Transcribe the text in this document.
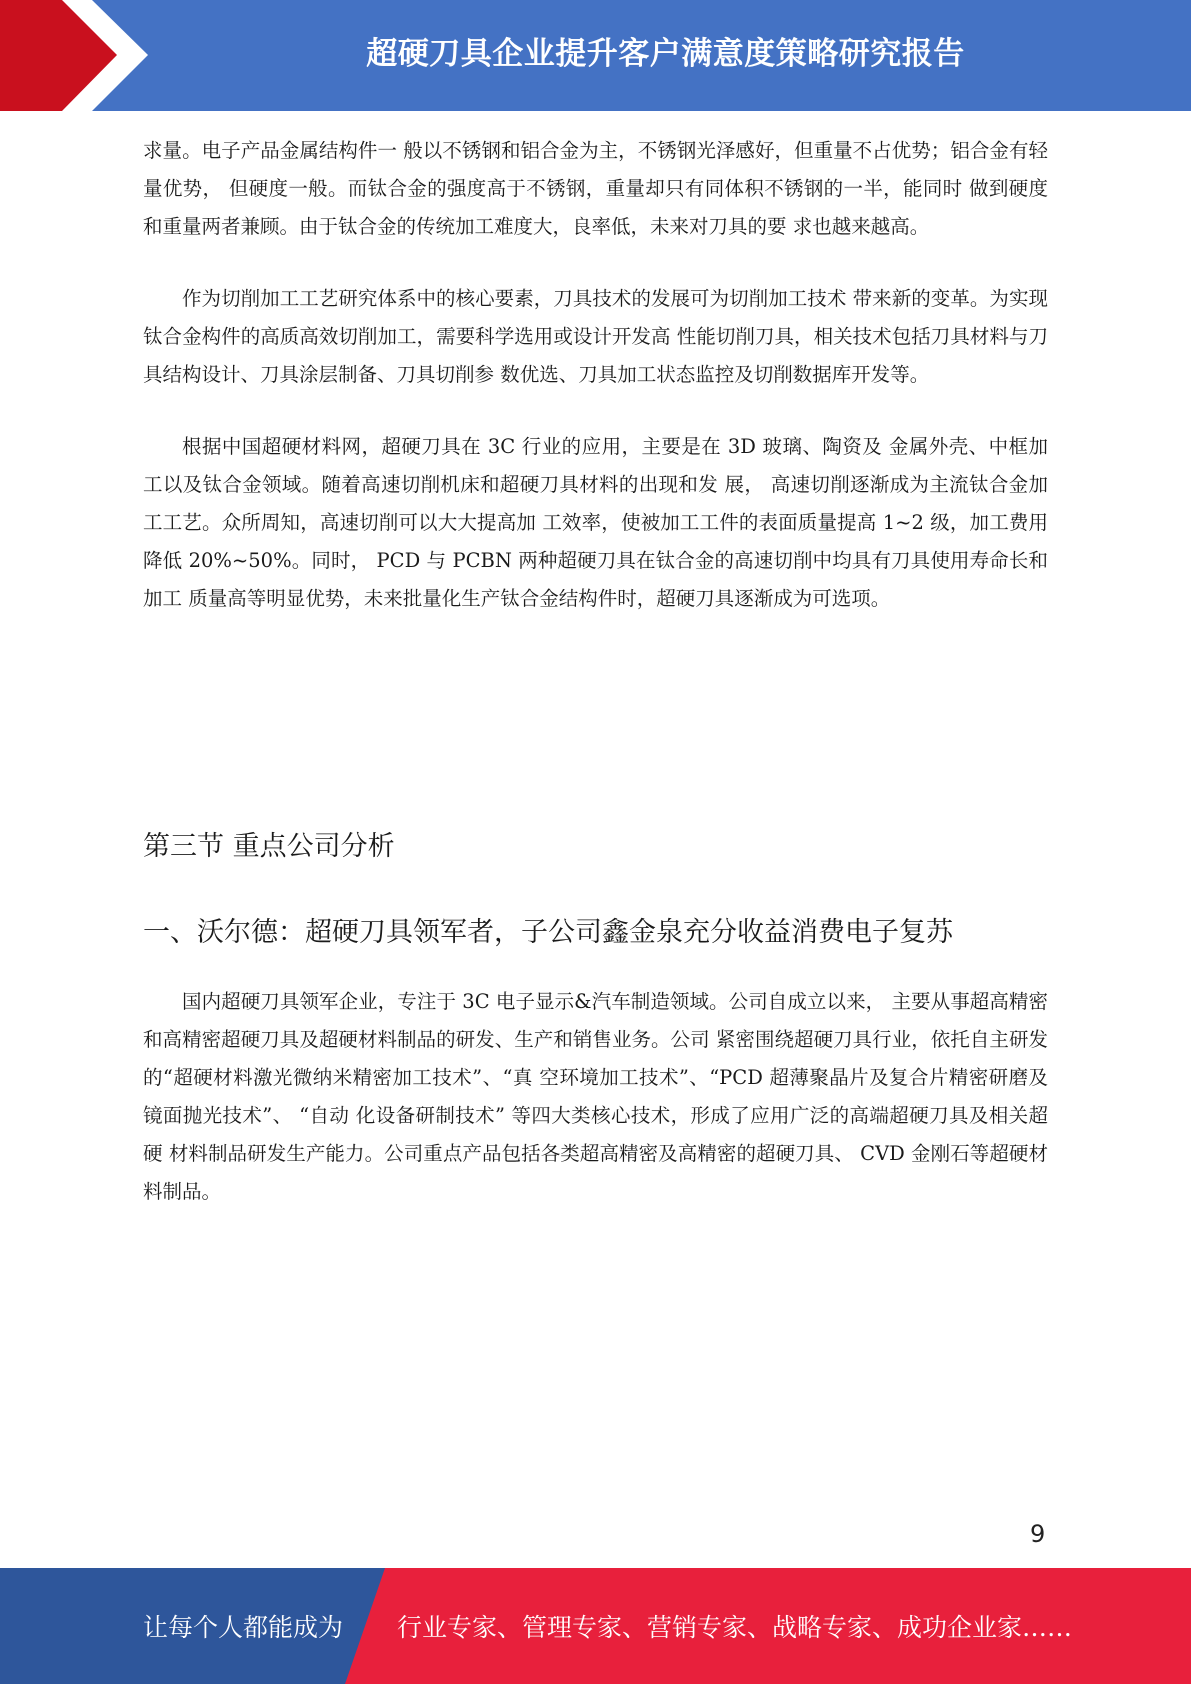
超硬刀具企业提升客户满意度策略研究报告

求量。电子产品金属结构件一 般以不锈钢和铝合金为主，不锈钢光泽感好，但重量不占优势；铝合金有轻量优势， 但硬度一般。而钛合金的强度高于不锈钢，重量却只有同体积不锈钢的一半，能同时 做到硬度和重量两者兼顾。由于钛合金的传统加工难度大，良率低，未来对刀具的要 求也越来越高。

作为切削加工工艺研究体系中的核心要素，刀具技术的发展可为切削加工技术 带来新的变革。为实现钛合金构件的高质高效切削加工，需要科学选用或设计开发高 性能切削刀具，相关技术包括刀具材料与刀具结构设计、刀具涂层制备、刀具切削参 数优选、刀具加工状态监控及切削数据库开发等。

根据中国超硬材料网，超硬刀具在 3C 行业的应用，主要是在 3D 玻璃、陶资及 金属外壳、中框加工以及钛合金领域。随着高速切削机床和超硬刀具材料的出现和发 展， 高速切削逐渐成为主流钛合金加工工艺。众所周知，高速切削可以大大提高加 工效率，使被加工工件的表面质量提高 1~2 级，加工费用降低 20%~50%。同时， PCD 与 PCBN 两种超硬刀具在钛合金的高速切削中均具有刀具使用寿命长和加工 质量高等明显优势，未来批量化生产钛合金结构件时，超硬刀具逐渐成为可选项。

第三节 重点公司分析
一、沃尔德：超硬刀具领军者，子公司鑫金泉充分收益消费电子复苏

国内超硬刀具领军企业，专注于 3C 电子显示&汽车制造领域。公司自成立以来， 主要从事超高精密和高精密超硬刀具及超硬材料制品的研发、生产和销售业务。公司 紧密围绕超硬刀具行业，依托自主研发的“超硬材料激光微纳米精密加工技术”、“真 空环境加工技术”、“PCD 超薄聚晶片及复合片精密研磨及镜面抛光技术”、 “自动 化设备研制技术” 等四大类核心技术，形成了应用广泛的高端超硬刀具及相关超硬 材料制品研发生产能力。公司重点产品包括各类超高精密及高精密的超硬刀具、 CVD 金刚石等超硬材料制品。

9
让每个人都能成为 行业专家、管理专家、营销专家、战略专家、成功企业家……
